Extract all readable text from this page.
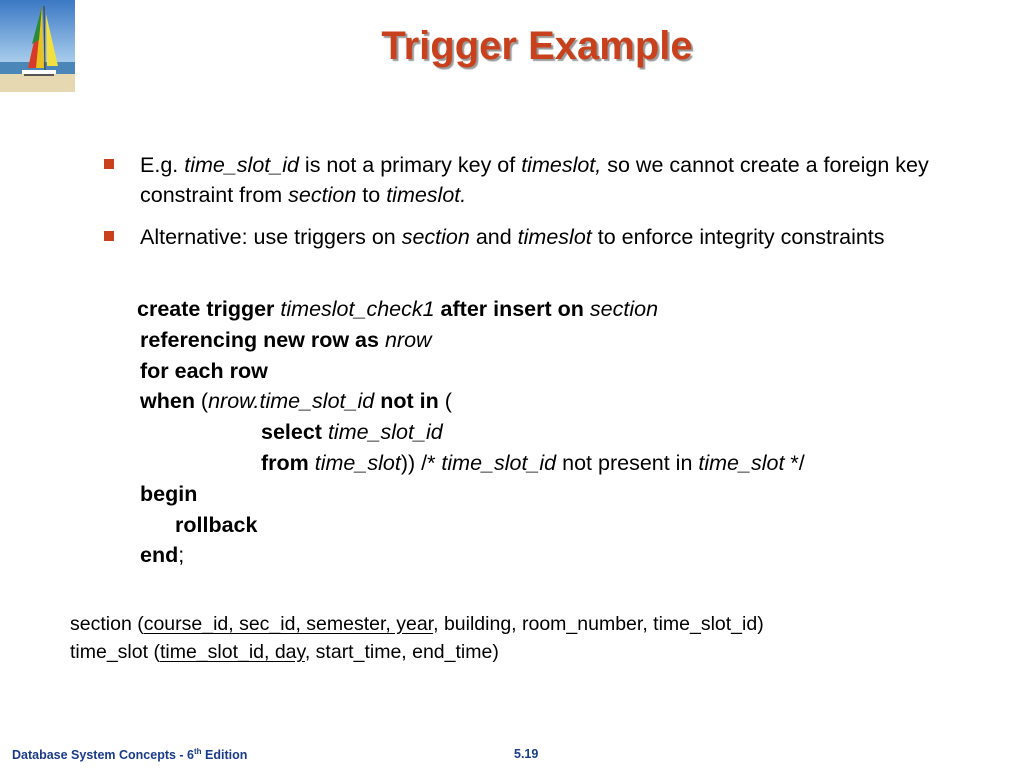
Trigger Example
E.g. time_slot_id is not a primary key of timeslot, so we cannot create a foreign key constraint from section to timeslot.
Alternative: use triggers on section and timeslot to enforce integrity constraints
create trigger timeslot_check1 after insert on section
referencing new row as nrow
for each row
when (nrow.time_slot_id not in (
select time_slot_id
from time_slot)) /* time_slot_id not present in time_slot */
begin
rollback
end;
section (course_id, sec_id, semester, year, building, room_number, time_slot_id)
time_slot (time_slot_id, day, start_time, end_time)
Database System Concepts - 6th Edition	5.19
